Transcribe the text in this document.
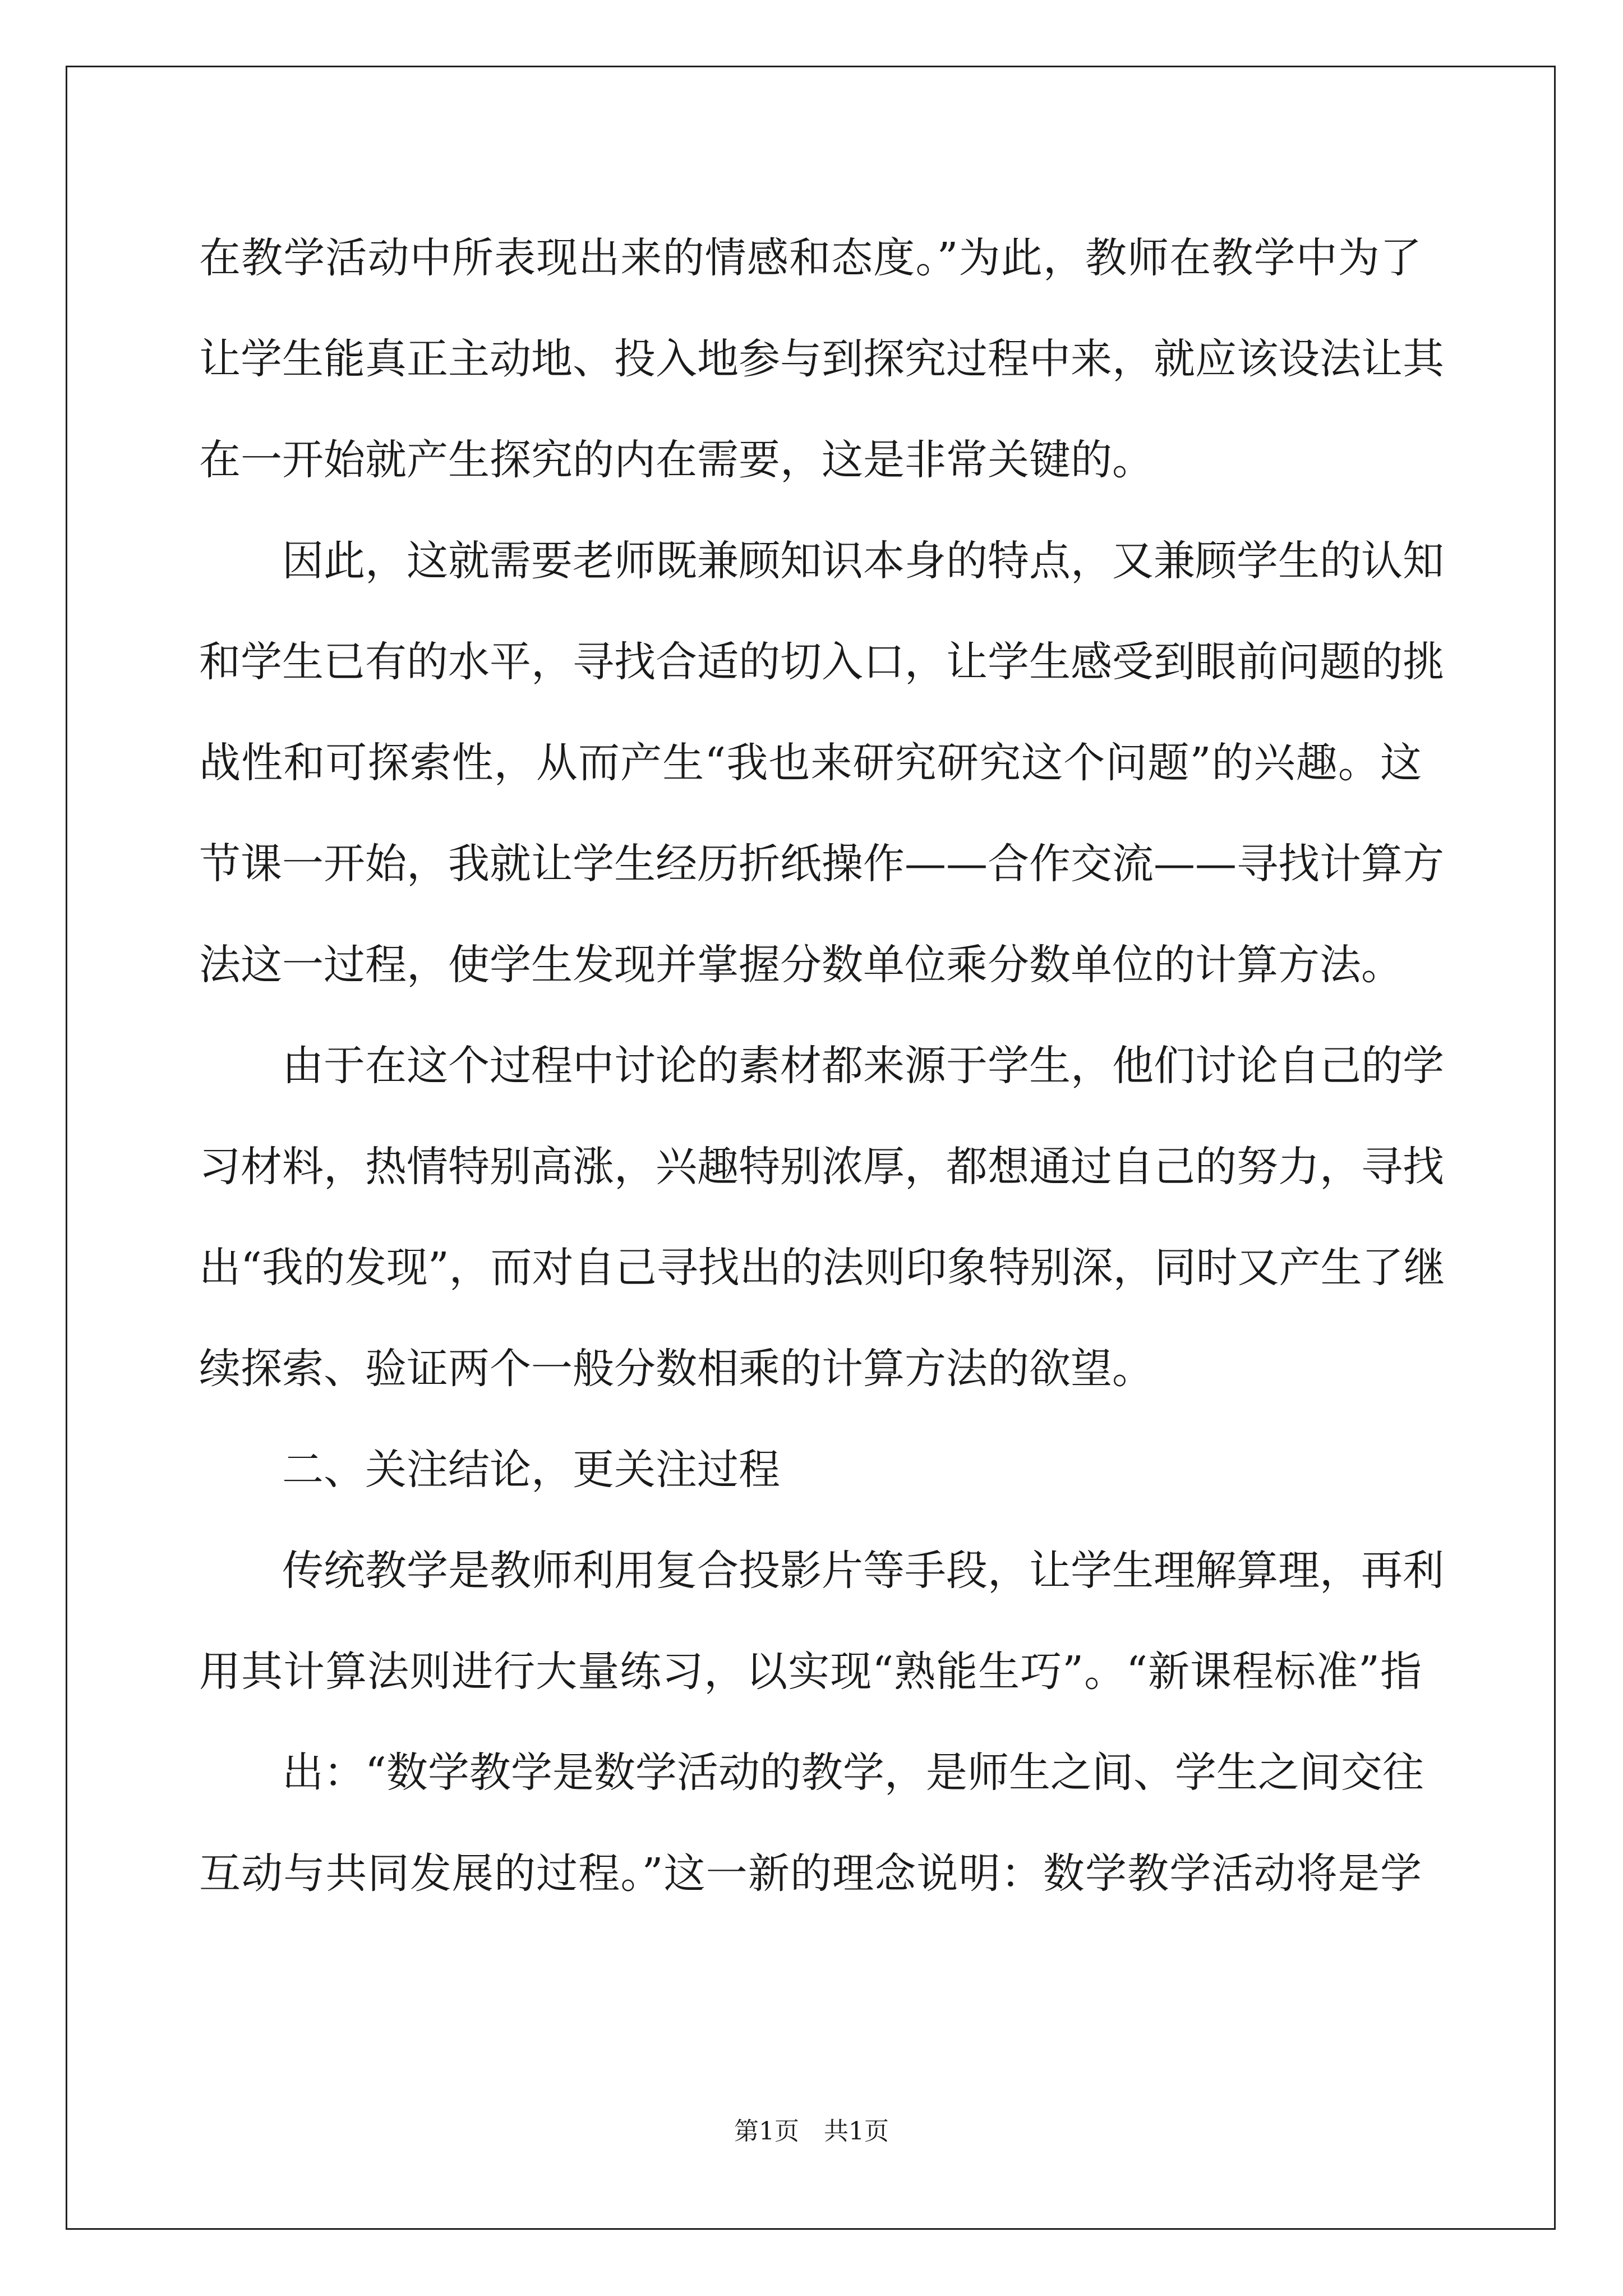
在教学活动中所表现出来的情感和态度。”为此，教师在教学中为了
让学生能真正主动地、投入地参与到探究过程中来，就应该设法让其
在一开始就产生探究的内在需要，这是非常关键的。
因此，这就需要老师既兼顾知识本身的特点，又兼顾学生的认知
和学生已有的水平，寻找合适的切入口，让学生感受到眼前问题的挑
战性和可探索性，从而产生“我也来研究研究这个问题”的兴趣。这
节课一开始，我就让学生经历折纸操作——合作交流——寻找计算方
法这一过程，使学生发现并掌握分数单位乘分数单位的计算方法。
由于在这个过程中讨论的素材都来源于学生，他们讨论自己的学
习材料，热情特别高涨，兴趣特别浓厚，都想通过自己的努力，寻找
出“我的发现”，而对自己寻找出的法则印象特别深，同时又产生了继
续探索、验证两个一般分数相乘的计算方法的欲望。
二、关注结论，更关注过程
传统教学是教师利用复合投影片等手段，让学生理解算理，再利
用其计算法则进行大量练习，以实现“熟能生巧”。“新课程标准”指
出：“数学教学是数学活动的教学，是师生之间、学生之间交往
互动与共同发展的过程。”这一新的理念说明：数学教学活动将是学
第1页　共1页
